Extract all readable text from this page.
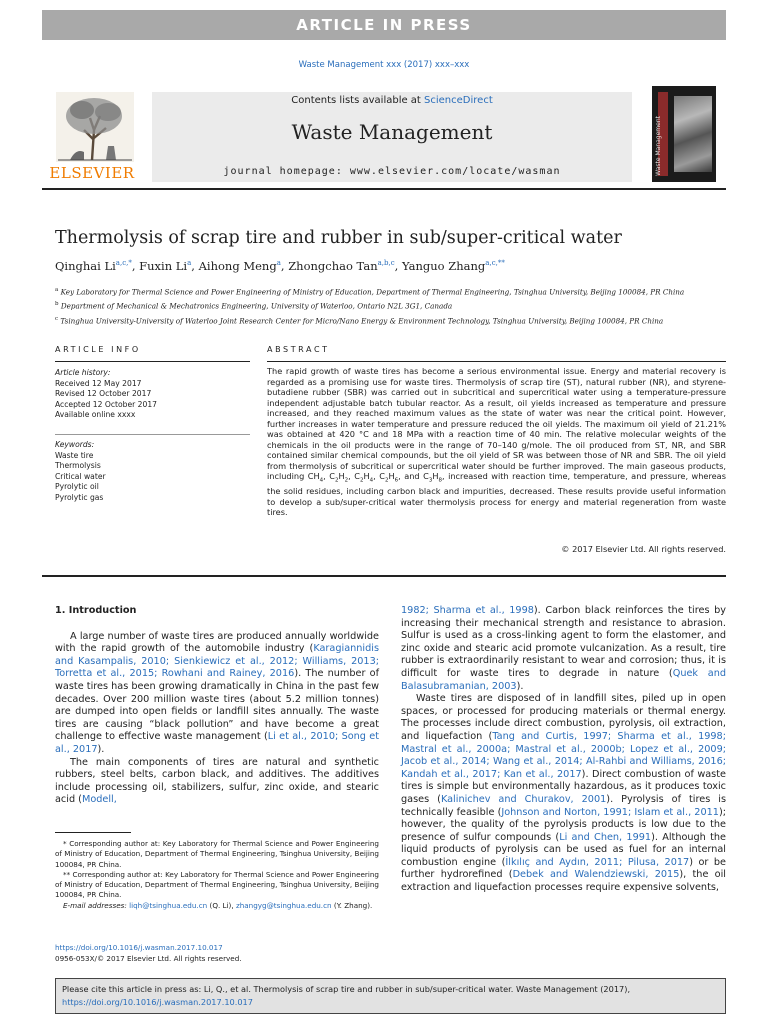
ARTICLE IN PRESS
Waste Management xxx (2017) xxx–xxx
ELSEVIER
Contents lists available at ScienceDirect
Waste Management
journal homepage: www.elsevier.com/locate/wasman	Waste Management
Thermolysis of scrap tire and rubber in sub/super-critical water
Qinghai $Li^{a,c,*}$, Fuxin Li$^a$, Aihong Meng$^a$, Zhongchao Tan$^{a,b,c}$, Yanguo Zhang$^{a,c,**}$
$^a$ Key Laboratory for Thermal Science and Power Engineering of Ministry of Education, Department of Thermal Engineering, Tsinghua University, Beijing 100084, PR China
$^b$ Department of Mechanical & Mechatronics Engineering, University of Waterloo, Ontario N2L 3G1, Canada
$^c$ Tsinghua University-University of Waterloo Joint Research Center for Micro/Nano Energy & Environment Technology, Tsinghua University, Beijing 100084, PR China
ARTICLE INFO	ABSTRACT
Article history:
Received 12 May 2017
Revised 12 October 2017
Accepted 12 October 2017
Available online xxxx
Keywords:
Waste tire
Thermolysis
Critical water
Pyrolytic oil
Pyrolytic gas
The rapid growth of waste tires has become a serious environmental issue. Energy and material recovery is regarded as a promising use for waste tires. Thermolysis of scrap tire (ST), natural rubber (NR), and styrene-butadiene rubber (SBR) was carried out in subcritical and supercritical water using a temperature-pressure independent adjustable batch tubular reactor. As a result, oil yields increased as temperature and pressure increased, and they reached maximum values as the state of water was near the critical point. However, further increases in water temperature and pressure reduced the oil yields. The maximum oil yield of 21.21% was obtained at 420 °C and 18 MPa with a reaction time of 40 min. The relative molecular weights of the chemicals in the oil products were in the range of 70–140 g/mole. The oil produced from ST, NR, and SBR contained similar chemical compounds, but the oil yield of SR was between those of NR and SBR. The oil yield from thermolysis of subcritical or supercritical water should be further improved. The main gaseous products, including $CH_4$, $C_2H_2$, $C_2H_4$, $C_2H_6$, and $C_3H_8$, increased with reaction time, temperature, and pressure, whereas the solid residues, including carbon black and impurities, decreased. These results provide useful information to develop a sub/super-critical water thermolysis process for energy and material regeneration from waste tires.
© 2017 Elsevier Ltd. All rights reserved.

1. Introduction

A large number of waste tires are produced annually worldwide with the rapid growth of the automobile industry (Karagiannidis and Kasampalis, 2010; Sienkiewicz et al., 2012; Williams, 2013; Torretta et al., 2015; Rowhani and Rainey, 2016). The number of waste tires has been growing dramatically in China in the past few decades. Over 200 million waste tires (about 5.2 million tonnes) are dumped into open fields or landfill sites annually. The waste tires are causing “black pollution” and have become a great challenge to effective waste management (Li et al., 2010; Song et al., 2017).

The main components of tires are natural and synthetic rubbers, steel belts, carbon black, and additives. The additives include processing oil, stabilizers, sulfur, zinc oxide, and stearic acid (Modell,

* Corresponding author at: Key Laboratory for Thermal Science and Power Engineering of Ministry of Education, Department of Thermal Engineering, Tsinghua University, Beijing 100084, PR China.

** Corresponding author at: Key Laboratory for Thermal Science and Power Engineering of Ministry of Education, Department of Thermal Engineering, Tsinghua University, Beijing 100084, PR China.

E-mail addresses: liqh@tsinghua.edu.cn (Q. Li), zhangyg@tsinghua.edu.cn (Y. Zhang).

https://doi.org/10.1016/j.wasman.2017.10.017
0956-053X/© 2017 Elsevier Ltd. All rights reserved.

1982; Sharma et al., 1998). Carbon black reinforces the tires by increasing their mechanical strength and resistance to abrasion. Sulfur is used as a cross-linking agent to form the elastomer, and zinc oxide and stearic acid promote vulcanization. As a result, tire rubber is extraordinarily resistant to wear and corrosion; thus, it is difficult for waste tires to degrade in nature (Quek and Balasubramanian, 2003).

Waste tires are disposed of in landfill sites, piled up in open spaces, or processed for producing materials or thermal energy. The processes include direct combustion, pyrolysis, oil extraction, and liquefaction (Tang and Curtis, 1997; Sharma et al., 1998; Mastral et al., 2000a; Mastral et al., 2000b; Lopez et al., 2009; Jacob et al., 2014; Wang et al., 2014; Al-Rahbi and Williams, 2016; Kandah et al., 2017; Kan et al., 2017). Direct combustion of waste tires is simple but environmentally hazardous, as it produces toxic gases (Kalinichev and Churakov, 2001). Pyrolysis of tires is technically feasible (Johnson and Norton, 1991; Islam et al., 2011); however, the quality of the pyrolysis products is low due to the presence of sulfur compounds (Li and Chen, 1991). Although the liquid products of pyrolysis can be used as fuel for an internal combustion engine (İlkılıç and Aydın, 2011; Pilusa, 2017) or be further hydrorefined (Debek and Walendziewski, 2015), the oil extraction and liquefaction processes require expensive solvents,

Please cite this article in press as: Li, Q., et al. Thermolysis of scrap tire and rubber in sub/super-critical water. Waste Management (2017), https://doi.org/10.1016/j.wasman.2017.10.017
